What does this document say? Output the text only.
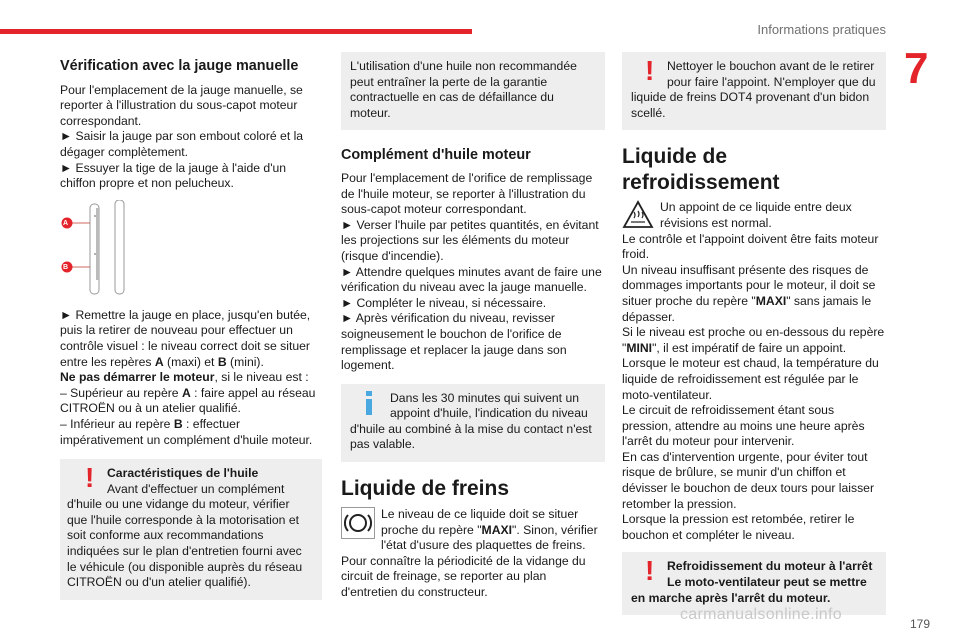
Informations pratiques
7
Vérification avec la jauge manuelle

Pour l'emplacement de la jauge manuelle, se reporter à l'illustration du sous-capot moteur correspondant.

► Saisir la jauge par son embout coloré et la dégager complètement.

► Essuyer la tige de la jauge à l'aide d'un chiffon propre et non pelucheux.

A
B

► Remettre la jauge en place, jusqu'en butée, puis la retirer de nouveau pour effectuer un contrôle visuel : le niveau correct doit se situer entre les repères A (maxi) et B (mini).

Ne pas démarrer le moteur, si le niveau est :

– Supérieur au repère A : faire appel au réseau CITROËN ou à un atelier qualifié.

– Inférieur au repère B : effectuer impérativement un complément d'huile moteur.

!	Caractéristiques de l'huile

Avant d'effectuer un complément d'huile ou une vidange du moteur, vérifier que l'huile corresponde à la motorisation et soit conforme aux recommandations indiquées sur le plan d'entretien fourni avec le véhicule (ou disponible auprès du réseau CITROËN ou d'un atelier qualifié).

L'utilisation d'une huile non recommandée peut entraîner la perte de la garantie contractuelle en cas de défaillance du moteur.

Complément d'huile moteur

Pour l'emplacement de l'orifice de remplissage de l'huile moteur, se reporter à l'illustration du sous-capot moteur correspondant.

► Verser l'huile par petites quantités, en évitant les projections sur les éléments du moteur (risque d'incendie).

► Attendre quelques minutes avant de faire une vérification du niveau avec la jauge manuelle.

► Compléter le niveau, si nécessaire.

► Après vérification du niveau, revisser soigneusement le bouchon de l'orifice de remplissage et replacer la jauge dans son logement.

Dans les 30 minutes qui suivent un appoint d'huile, l'indication du niveau d'huile au combiné à la mise du contact n'est pas valable.

Liquide de freins

Le niveau de ce liquide doit se situer proche du repère "MAXI". Sinon, vérifier l'état d'usure des plaquettes de freins.

Pour connaître la périodicité de la vidange du circuit de freinage, se reporter au plan d'entretien du constructeur.

!	Nettoyer le bouchon avant de le retirer pour faire l'appoint. N'employer que du liquide de freins DOT4 provenant d'un bidon scellé.

Liquide de refroidissement

Un appoint de ce liquide entre deux révisions est normal.

Le contrôle et l'appoint doivent être faits moteur froid.

Un niveau insuffisant présente des risques de dommages importants pour le moteur, il doit se situer proche du repère "MAXI" sans jamais le dépasser.

Si le niveau est proche ou en-dessous du repère "MINI", il est impératif de faire un appoint.

Lorsque le moteur est chaud, la température du liquide de refroidissement est régulée par le moto-ventilateur.

Le circuit de refroidissement étant sous pression, attendre au moins une heure après l'arrêt du moteur pour intervenir.

En cas d'intervention urgente, pour éviter tout risque de brûlure, se munir d'un chiffon et dévisser le bouchon de deux tours pour laisser retomber la pression.

Lorsque la pression est retombée, retirer le bouchon et compléter le niveau.

!	Refroidissement du moteur à l'arrêt

Le moto-ventilateur peut se mettre en marche après l'arrêt du moteur.

carmanualsonline.info
179
